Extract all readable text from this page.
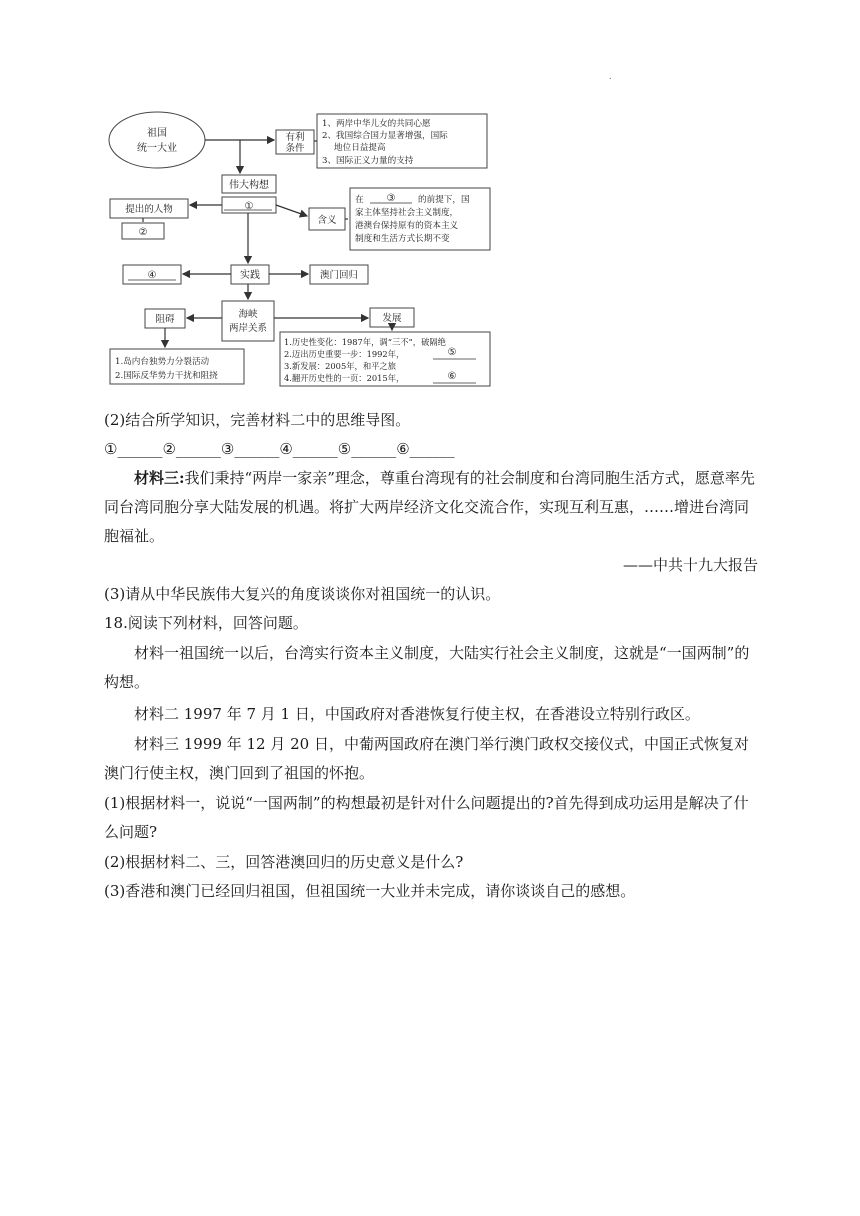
.
祖国
统一大业
有利
条件
1、两岸中华儿女的共同心愿
2、我国综合国力显著增强，国际
地位日益提高
3、国际正义力量的支持
伟大构想
①
提出的人物
②
含义
在 ③	的前提下，国
家主体坚持社会主义制度，
港澳台保持原有的资本主义
制度和生活方式长期不变
④	实践	澳门回归
海峡
两岸关系
阻碍	发展
1.岛内台独势力分裂活动
2.国际反华势力干扰和阻挠
1.历史性变化：1987年，调“三不”，破隔绝
2.迈出历史重要一步：1992年，
3.新发展：2005年，和平之旅
4.翻开历史性的一页：2015年，
⑤
⑥

(2)结合所学知识，完善材料二中的思维导图。

①______②______③______④______⑤______⑥______

材料三:我们秉持“两岸一家亲”理念，尊重台湾现有的社会制度和台湾同胞生活方式，愿意率先同台湾同胞分享大陆发展的机遇。将扩大两岸经济文化交流合作，实现互利互惠，……增进台湾同胞福祉。

——中共十九大报告

(3)请从中华民族伟大复兴的角度谈谈你对祖国统一的认识。

18.阅读下列材料，回答问题。

材料一祖国统一以后，台湾实行资本主义制度，大陆实行社会主义制度，这就是“一国两制”的构想。

材料二 1997 年 7 月 1 日，中国政府对香港恢复行使主权，在香港设立特别行政区。

材料三 1999 年 12 月 20 日，中葡两国政府在澳门举行澳门政权交接仪式，中国正式恢复对澳门行使主权，澳门回到了祖国的怀抱。

(1)根据材料一，说说“一国两制”的构想最初是针对什么问题提出的?首先得到成功运用是解决了什么问题?

(2)根据材料二、三，回答港澳回归的历史意义是什么?

(3)香港和澳门已经回归祖国，但祖国统一大业并未完成，请你谈谈自己的感想。
